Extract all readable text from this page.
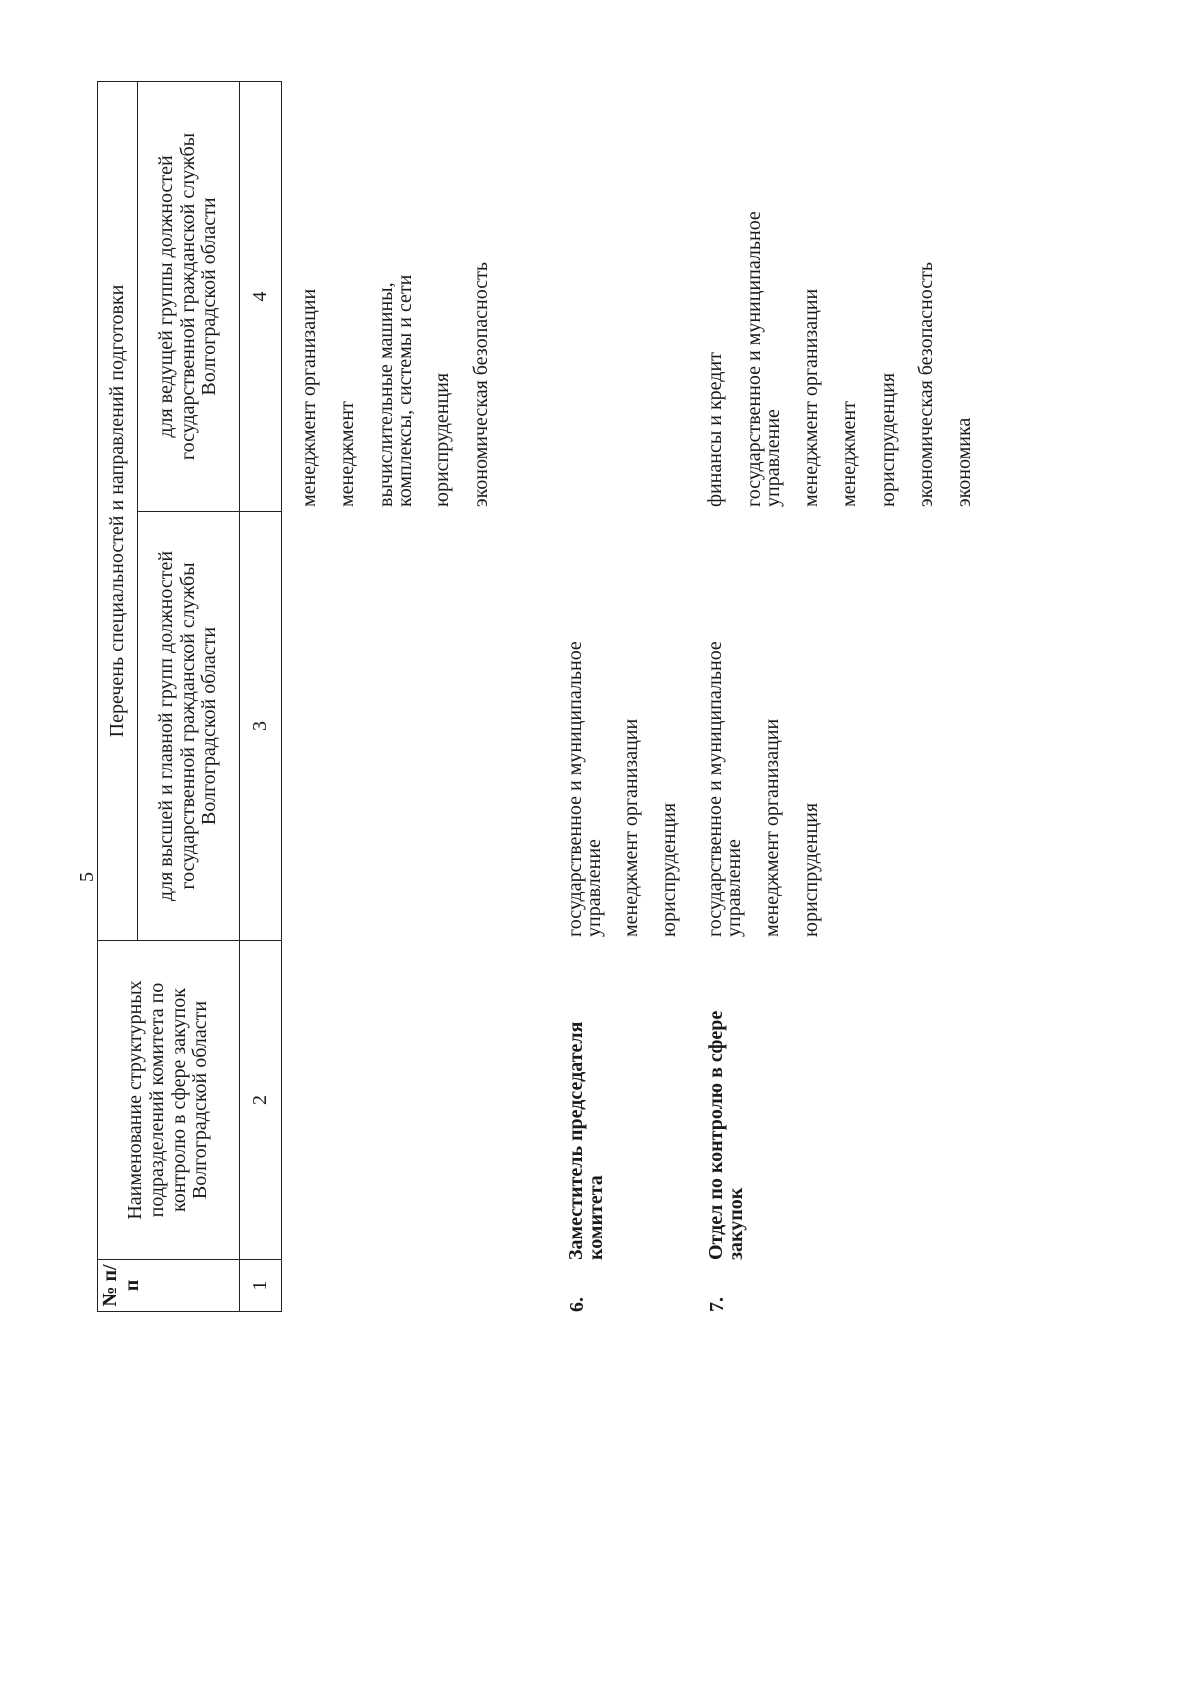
5
№ п/п
Наименование структурных подразделений комитета по контролю в сфере закупок Волгоградской области
Перечень специальностей и направлений подготовки для высшей и главной групп должностей государственной гражданской службы Волгоградской области
для ведущей группы должностей государственной гражданской службы Волгоградской области
1
2
3
4 менеджмент организации менеджмент вычислительные машины, комплексы, системы и сети юриспруденция экономическая безопасность
6.
Заместитель председателя комитета
государственное и муниципальное управление менеджмент организации юриспруденция
7.
Отдел по контролю в сфере закупок
государственное и муниципальное управление менеджмент организации юриспруденция
финансы и кредит государственное и муниципальное управление менеджмент организации менеджмент юриспруденция экономическая безопасность экономика
